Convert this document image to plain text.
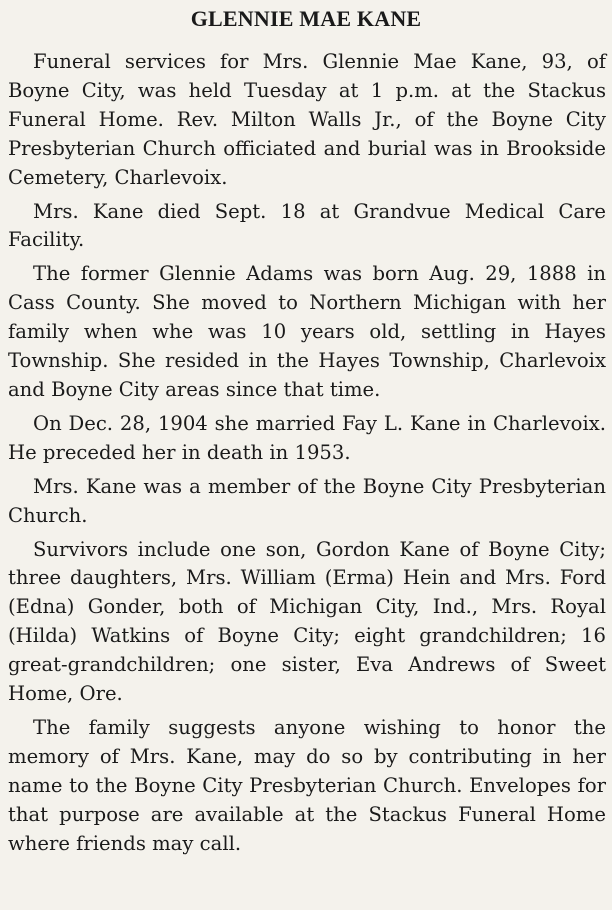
GLENNIE MAE KANE

Funeral services for Mrs. Glennie Mae Kane, 93, of Boyne City, was held Tuesday at 1 p.m. at the Stackus Funeral Home. Rev. Milton Walls Jr., of the Boyne City Presbyterian Church officiated and burial was in Brookside Cemetery, Charlevoix.

Mrs. Kane died Sept. 18 at Grandvue Medical Care Facility.

The former Glennie Adams was born Aug. 29, 1888 in Cass County. She moved to Northern Michigan with her family when whe was 10 years old, settling in Hayes Township. She resided in the Hayes Township, Charlevoix and Boyne City areas since that time.

On Dec. 28, 1904 she married Fay L. Kane in Charlevoix. He preceded her in death in 1953.

Mrs. Kane was a member of the Boyne City Presbyterian Church.

Survivors include one son, Gordon Kane of Boyne City; three daughters, Mrs. William (Erma) Hein and Mrs. Ford (Edna) Gonder, both of Michigan City, Ind., Mrs. Royal (Hilda) Watkins of Boyne City; eight grandchildren; 16 great-grandchildren; one sister, Eva Andrews of Sweet Home, Ore.

The family suggests anyone wishing to honor the memory of Mrs. Kane, may do so by contributing in her name to the Boyne City Presbyterian Church. Envelopes for that purpose are available at the Stackus Funeral Home where friends may call.
